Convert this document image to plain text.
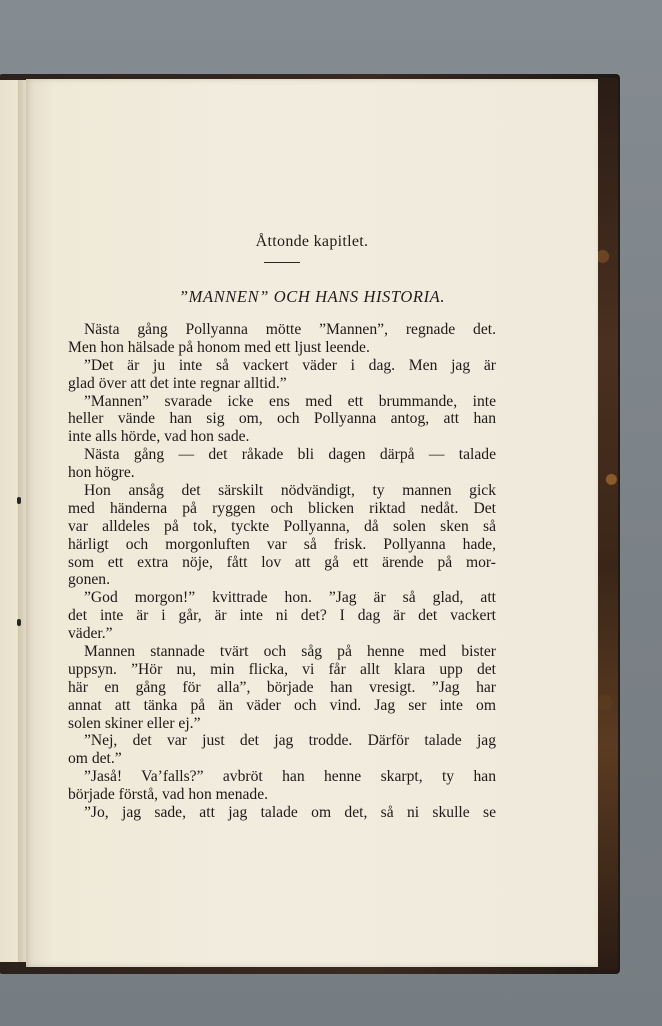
Åttonde kapitlet.
”MANNEN” OCH HANS HISTORIA.
Nästa gång Pollyanna mötte ”Mannen”, regnade det.
Men hon hälsade på honom med ett ljust leende.
”Det är ju inte så vackert väder i dag. Men jag är
glad över att det inte regnar alltid.”
”Mannen” svarade icke ens med ett brummande, inte
heller vände han sig om, och Pollyanna antog, att han
inte alls hörde, vad hon sade.
Nästa gång — det råkade bli dagen därpå — talade
hon högre.
Hon ansåg det särskilt nödvändigt, ty mannen gick
med händerna på ryggen och blicken riktad nedåt. Det
var alldeles på tok, tyckte Pollyanna, då solen sken så
härligt och morgonluften var så frisk. Pollyanna hade,
som ett extra nöje, fått lov att gå ett ärende på mor-
gonen.
”God morgon!” kvittrade hon. ”Jag är så glad, att
det inte är i går, är inte ni det? I dag är det vackert
väder.”
Mannen stannade tvärt och såg på henne med bister
uppsyn. ”Hör nu, min flicka, vi får allt klara upp det
här en gång för alla”, började han vresigt. ”Jag har
annat att tänka på än väder och vind. Jag ser inte om
solen skiner eller ej.”
”Nej, det var just det jag trodde. Därför talade jag
om det.”
”Jaså! Va’falls?” avbröt han henne skarpt, ty han
började förstå, vad hon menade.
”Jo, jag sade, att jag talade om det, så ni skulle se
